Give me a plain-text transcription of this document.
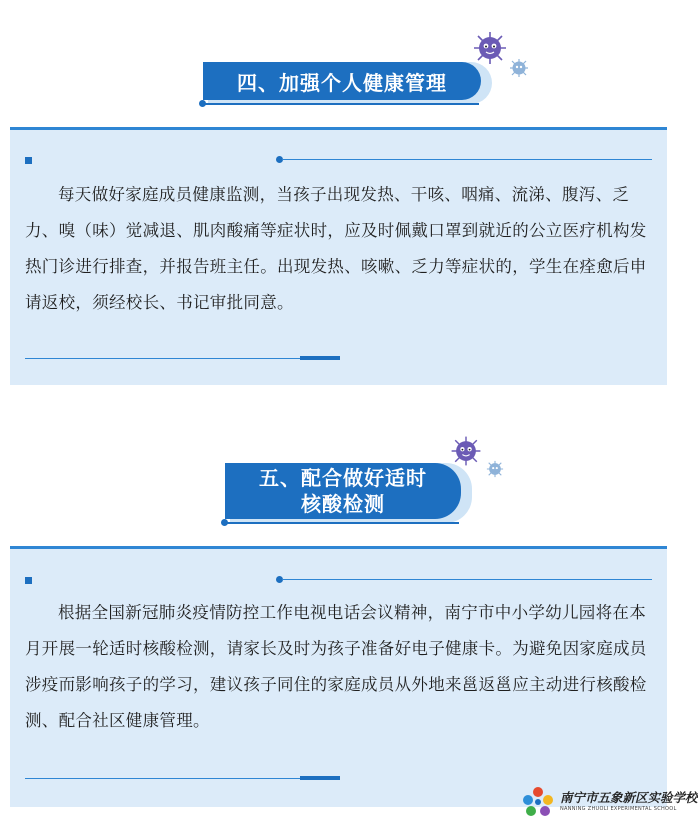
四、加强个人健康管理
每天做好家庭成员健康监测，当孩子出现发热、干咳、咽痛、流涕、腹泻、乏力、嗅（味）觉减退、肌肉酸痛等症状时，应及时佩戴口罩到就近的公立医疗机构发热门诊进行排查，并报告班主任。出现发热、咳嗽、乏力等症状的，学生在痊愈后申请返校，须经校长、书记审批同意。
五、配合做好适时
核酸检测
根据全国新冠肺炎疫情防控工作电视电话会议精神，南宁市中小学幼儿园将在本月开展一轮适时核酸检测，请家长及时为孩子准备好电子健康卡。为避免因家庭成员涉疫而影响孩子的学习，建议孩子同住的家庭成员从外地来邕返邕应主动进行核酸检测、配合社区健康管理。
南宁市五象新区实验学校
NANNING ZHUOLI EXPERIMENTAL SCHOOL
